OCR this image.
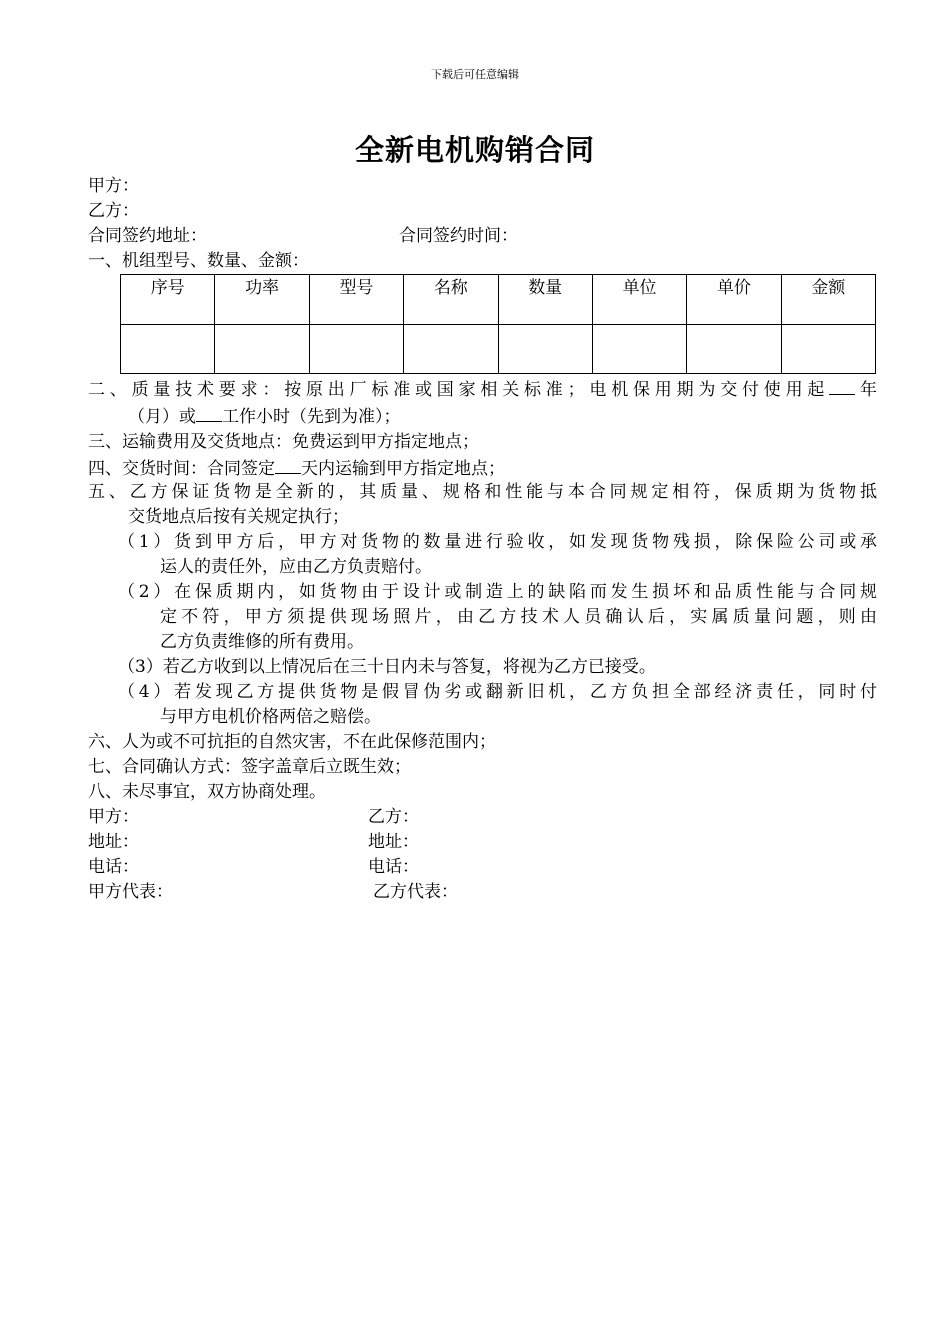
下载后可任意编辑
全新电机购销合同
甲方：
乙方：
合同签约地址：	合同签约时间：
一、机组型号、数量、金额：
序号	功率	型号	名称	数量	单位	单价	金额

二、质量技术要求：按原出厂标准或国家相关标准；电机保用期为交付使用起 年
（月）或 工作小时（先到为准）；
三、运输费用及交货地点：免费运到甲方指定地点；
四、交货时间：合同签定 天内运输到甲方指定地点；
五、乙方保证货物是全新的，其质量、规格和性能与本合同规定相符，保质期为货物抵
交货地点后按有关规定执行；
（1）货到甲方后，甲方对货物的数量进行验收，如发现货物残损，除保险公司或承
运人的责任外，应由乙方负责赔付。
（2）在保质期内，如货物由于设计或制造上的缺陷而发生损坏和品质性能与合同规
定不符，甲方须提供现场照片，由乙方技术人员确认后，实属质量问题，则由
乙方负责维修的所有费用。
（3）若乙方收到以上情况后在三十日内未与答复，将视为乙方已接受。
（4）若发现乙方提供货物是假冒伪劣或翻新旧机，乙方负担全部经济责任，同时付
与甲方电机价格两倍之赔偿。
六、人为或不可抗拒的自然灾害，不在此保修范围内；
七、合同确认方式：签字盖章后立既生效；
八、未尽事宜，双方协商处理。
甲方：	乙方：
地址：	地址：
电话：	电话：
甲方代表：	乙方代表：
